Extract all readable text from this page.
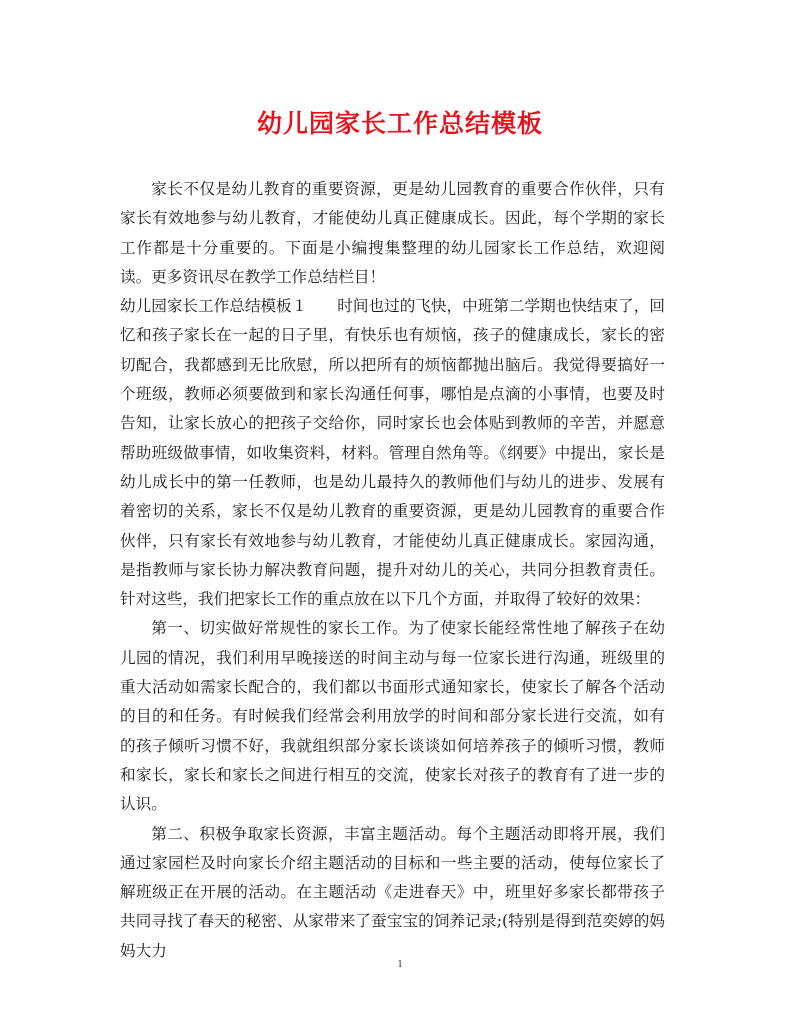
幼儿园家长工作总结模板

家长不仅是幼儿教育的重要资源，更是幼儿园教育的重要合作伙伴，只有家长有效地参与幼儿教育，才能使幼儿真正健康成长。因此，每个学期的家长工作都是十分重要的。下面是小编搜集整理的幼儿园家长工作总结，欢迎阅读。更多资讯尽在教学工作总结栏目！

幼儿园家长工作总结模板１ 时间也过的飞快，中班第二学期也快结束了，回忆和孩子家长在一起的日子里，有快乐也有烦恼，孩子的健康成长，家长的密切配合，我都感到无比欣慰，所以把所有的烦恼都抛出脑后。我觉得要搞好一个班级，教师必须要做到和家长沟通任何事，哪怕是点滴的小事情，也要及时告知，让家长放心的把孩子交给你，同时家长也会体贴到教师的辛苦，并愿意帮助班级做事情，如收集资料，材料。管理自然角等。《纲要》中提出，家长是幼儿成长中的第一任教师，也是幼儿最持久的教师他们与幼儿的进步、发展有着密切的关系，家长不仅是幼儿教育的重要资源，更是幼儿园教育的重要合作伙伴，只有家长有效地参与幼儿教育，才能使幼儿真正健康成长。家园沟通，是指教师与家长协力解决教育问题，提升对幼儿的关心，共同分担教育责任。针对这些，我们把家长工作的重点放在以下几个方面，并取得了较好的效果：

第一、切实做好常规性的家长工作。为了使家长能经常性地了解孩子在幼儿园的情况，我们利用早晚接送的时间主动与每一位家长进行沟通，班级里的重大活动如需家长配合的，我们都以书面形式通知家长，使家长了解各个活动的目的和任务。有时候我们经常会利用放学的时间和部分家长进行交流，如有的孩子倾听习惯不好，我就组织部分家长谈谈如何培养孩子的倾听习惯，教师和家长，家长和家长之间进行相互的交流，使家长对孩子的教育有了进一步的认识。

第二、积极争取家长资源，丰富主题活动。每个主题活动即将开展，我们通过家园栏及时向家长介绍主题活动的目标和一些主要的活动，使每位家长了解班级正在开展的活动。在主题活动《走进春天》中，班里好多家长都带孩子共同寻找了春天的秘密、从家带来了蚕宝宝的饲养记录;(特别是得到范奕婷的妈妈大力

1
